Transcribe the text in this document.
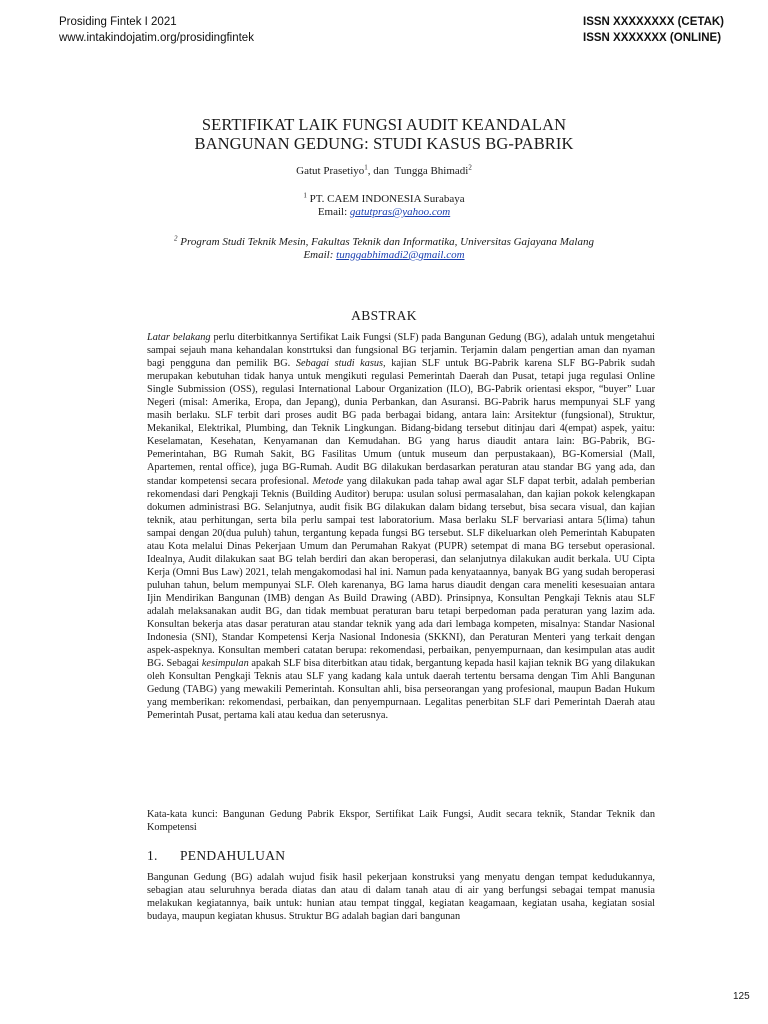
Prosiding Fintek I 2021
www.intakindojatim.org/prosidingfintek
ISSN XXXXXXXX (CETAK)
ISSN XXXXXXX (ONLINE)
SERTIFIKAT LAIK FUNGSI AUDIT KEANDALAN
BANGUNAN GEDUNG: STUDI KASUS BG-PABRIK
Gatut Prasetiyo$^1$, dan  Tungga Bhimadi$^2$
$^1$ PT. CAEM INDONESIA Surabaya
Email: gatutpras@yahoo.com
$^2$ Program Studi Teknik Mesin, Fakultas Teknik dan Informatika, Universitas Gajayana Malang
Email: tunggabhimadi2@gmail.com
ABSTRAK

Latar belakang perlu diterbitkannya Sertifikat Laik Fungsi (SLF) pada Bangunan Gedung (BG), adalah untuk mengetahui sampai sejauh mana kehandalan konstrtuksi dan fungsional BG terjamin. Terjamin dalam pengertian aman dan nyaman bagi pengguna dan pemilik BG. Sebagai studi kasus, kajian SLF untuk BG-Pabrik karena SLF BG-Pabrik sudah merupakan kebutuhan tidak hanya untuk mengikuti regulasi Pemerintah Daerah dan Pusat, tetapi juga regulasi Online Single Submission (OSS), regulasi International Labour Organization (ILO), BG-Pabrik orientasi ekspor, “buyer” Luar Negeri (misal: Amerika, Eropa, dan Jepang), dunia Perbankan, dan Asuransi. BG-Pabrik harus mempunyai SLF yang masih berlaku. SLF terbit dari proses audit BG pada berbagai bidang, antara lain: Arsitektur (fungsional), Struktur, Mekanikal, Elektrikal, Plumbing, dan Teknik Lingkungan. Bidang-bidang tersebut ditinjau dari 4(empat) aspek, yaitu: Keselamatan, Kesehatan, Kenyamanan dan Kemudahan. BG yang harus diaudit antara lain: BG-Pabrik, BG- Pemerintahan, BG Rumah Sakit, BG Fasilitas Umum (untuk museum dan perpustakaan), BG-Komersial (Mall, Apartemen, rental office), juga BG-Rumah. Audit BG dilakukan berdasarkan peraturan atau standar BG yang ada, dan standar kompetensi secara profesional. Metode yang dilakukan pada tahap awal agar SLF dapat terbit, adalah pemberian rekomendasi dari Pengkaji Teknis (Building Auditor) berupa: usulan solusi permasalahan, dan kajian pokok kelengkapan dokumen administrasi BG. Selanjutnya, audit fisik BG dilakukan dalam bidang tersebut, bisa secara visual, dan kajian teknik, atau perhitungan, serta bila perlu sampai test laboratorium. Masa berlaku SLF bervariasi antara 5(lima) tahun sampai dengan 20(dua puluh) tahun, tergantung kepada fungsi BG tersebut. SLF dikeluarkan oleh Pemerintah Kabupaten atau Kota melalui Dinas Pekerjaan Umum dan Perumahan Rakyat (PUPR) setempat di mana BG tersebut operasional. Idealnya, Audit dilakukan saat BG telah berdiri dan akan beroperasi, dan selanjutnya dilakukan audit berkala. UU Cipta Kerja (Omni Bus Law) 2021, telah mengakomodasi hal ini. Namun pada kenyataannya, banyak BG yang sudah beroperasi puluhan tahun, belum mempunyai SLF. Oleh karenanya, BG lama harus diaudit dengan cara meneliti kesesuaian antara Ijin Mendirikan Bangunan (IMB) dengan As Build Drawing (ABD). Prinsipnya, Konsultan Pengkaji Teknis atau SLF adalah melaksanakan audit BG, dan tidak membuat peraturan baru tetapi berpedoman pada peraturan yang lazim ada. Konsultan bekerja atas dasar peraturan atau standar teknik yang ada dari lembaga kompeten, misalnya: Standar Nasional Indonesia (SNI), Standar Kompetensi Kerja Nasional Indonesia (SKKNI), dan Peraturan Menteri yang terkait dengan aspek-aspeknya. Konsultan memberi catatan berupa: rekomendasi, perbaikan, penyempurnaan, dan kesimpulan atas audit BG. Sebagai kesimpulan apakah SLF bisa diterbitkan atau tidak, bergantung kepada hasil kajian teknik BG yang dilakukan oleh Konsultan Pengkaji Teknis atau SLF yang kadang kala untuk daerah tertentu bersama dengan Tim Ahli Bangunan Gedung (TABG) yang mewakili Pemerintah. Konsultan ahli, bisa perseorangan yang profesional, maupun Badan Hukum yang memberikan: rekomendasi, perbaikan, dan penyempurnaan. Legalitas penerbitan SLF dari Pemerintah Daerah atau Pemerintah Pusat, pertama kali atau kedua dan seterusnya.

Kata-kata kunci: Bangunan Gedung Pabrik Ekspor, Sertifikat Laik Fungsi, Audit secara teknik, Standar Teknik dan Kompetensi
1. PENDAHULUAN

Bangunan Gedung (BG) adalah wujud fisik hasil pekerjaan konstruksi yang menyatu dengan tempat kedudukannya, sebagian atau seluruhnya berada diatas dan atau di dalam tanah atau di air yang berfungsi sebagai tempat manusia melakukan kegiatannya, baik untuk: hunian atau tempat tinggal, kegiatan keagamaan, kegiatan usaha, kegiatan sosial budaya, maupun kegiatan khusus. Struktur BG adalah bagian dari bangunan

125
